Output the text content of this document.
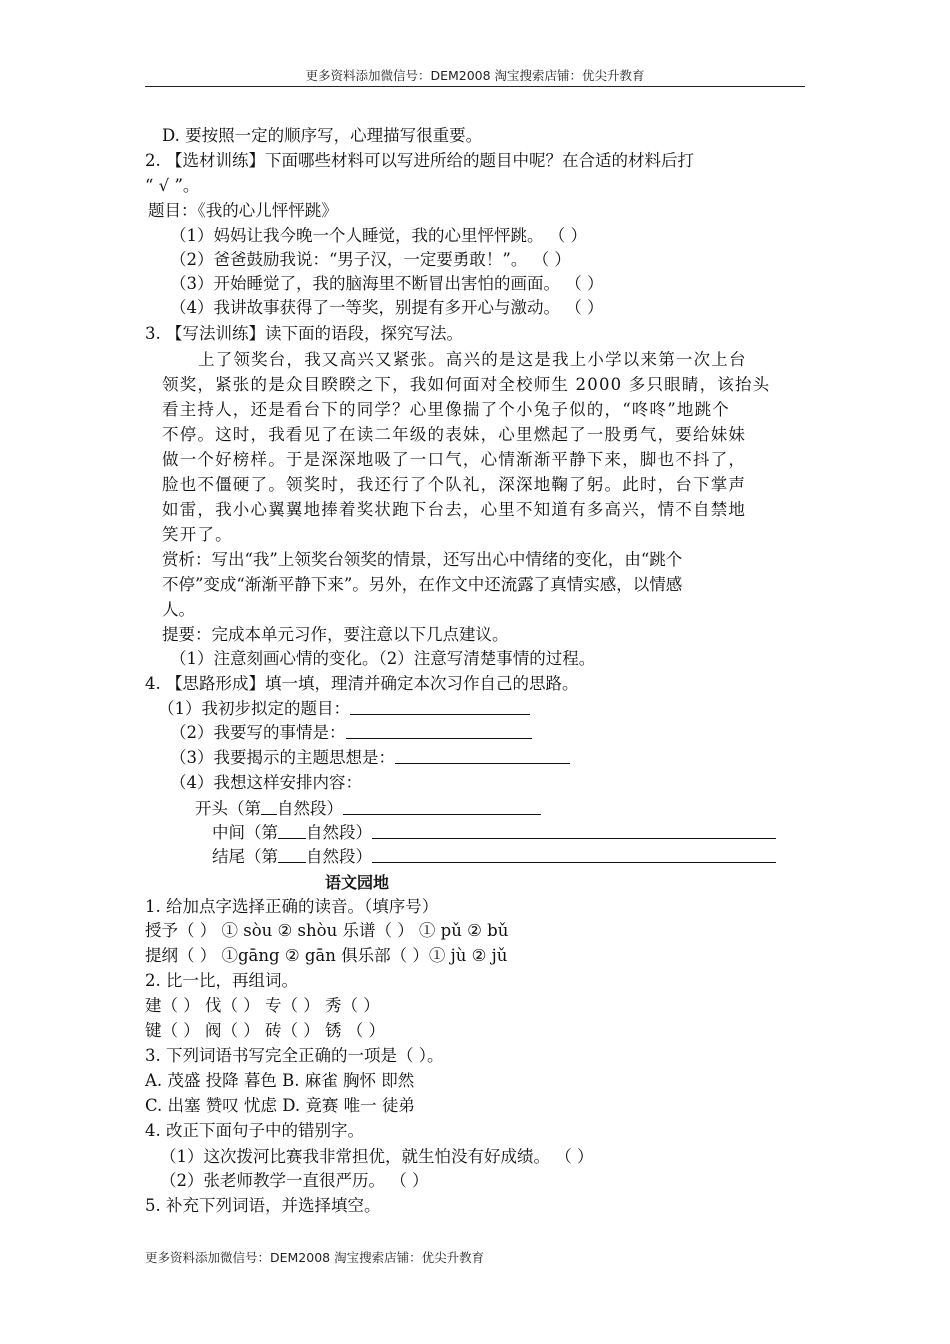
更多资料添加微信号：DEM2008 淘宝搜索店铺：优尖升教育
D. 要按照一定的顺序写，心理描写很重要。
2. 【选材训练】下面哪些材料可以写进所给的题目中呢？在合适的材料后打
“ √ ”。
题目：《我的心儿怦怦跳》
（1）妈妈让我今晚一个人睡觉，我的心里怦怦跳。 （ ）
（2）爸爸鼓励我说：“男子汉，一定要勇敢！”。 （ ）
（3）开始睡觉了，我的脑海里不断冒出害怕的画面。 （ ）
（4）我讲故事获得了一等奖，别提有多开心与激动。 （ ）
3. 【写法训练】读下面的语段，探究写法。
上了领奖台，我又高兴又紧张。高兴的是这是我上小学以来第一次上台
领奖，紧张的是众目睽睽之下，我如何面对全校师生 2000 多只眼睛，该抬头
看主持人，还是看台下的同学？心里像揣了个小兔子似的，“咚咚”地跳个
不停。这时，我看见了在读二年级的表妹，心里燃起了一股勇气，要给妹妹
做一个好榜样。于是深深地吸了一口气，心情渐渐平静下来，脚也不抖了，
脸也不僵硬了。领奖时，我还行了个队礼，深深地鞠了躬。此时，台下掌声
如雷，我小心翼翼地捧着奖状跑下台去，心里不知道有多高兴，情不自禁地
笑开了。
赏析：写出“我”上领奖台领奖的情景，还写出心中情绪的变化，由“跳个
不停”变成“渐渐平静下来”。另外，在作文中还流露了真情实感，以情感
人。
提要：完成本单元习作，要注意以下几点建议。
（1）注意刻画心情的变化。（2）注意写清楚事情的过程。
4. 【思路形成】填一填，理清并确定本次习作自己的思路。
（1）我初步拟定的题目：
（2）我要写的事情是：
（3）我要揭示的主题思想是：
（4）我想这样安排内容：
开头（第 自然段）
中间（第 自然段）
结尾（第 自然段）
语文园地
1. 给加点字选择正确的读音。（填序号）
授予（ ） ① sòu ② shòu 乐谱（ ） ① pǔ ② bǔ
提纲（ ） ①gāng ② gān 俱乐部（ ）① jù ② jǔ
2. 比一比，再组词。
建（ ） 伐（ ） 专（ ） 秀（ ）
键（ ） 阀（ ） 砖（ ） 锈 （ ）
3. 下列词语书写完全正确的一项是（ ）。
A. 茂盛 投降 暮色 B. 麻雀 胸怀 即然
C. 出塞 赞叹 忧虑 D. 竟赛 唯一 徒弟
4. 改正下面句子中的错别字。
（1）这次拨河比赛我非常担优，就生怕没有好成绩。 （ ）
（2）张老师教学一直很严历。 （ ）
5. 补充下列词语，并选择填空。
更多资料添加微信号：DEM2008 淘宝搜索店铺：优尖升教育
